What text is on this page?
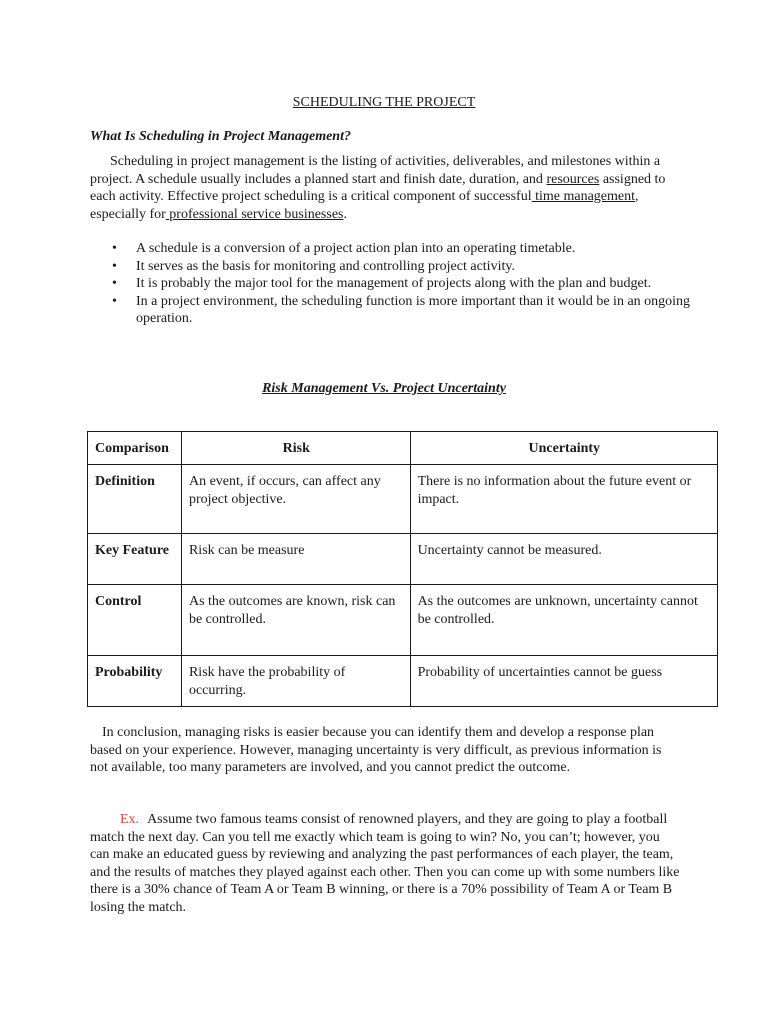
SCHEDULING THE PROJECT
What Is Scheduling in Project Management?

Scheduling in project management is the listing of activities, deliverables, and milestones within a project. A schedule usually includes a planned start and finish date, duration, and resources assigned to each activity. Effective project scheduling is a critical component of successful time management, especially for professional service businesses.

• A schedule is a conversion of a project action plan into an operating timetable.
• It serves as the basis for monitoring and controlling project activity.
• It is probably the major tool for the management of projects along with the plan and budget.
• In a project environment, the scheduling function is more important than it would be in an ongoing operation.
Risk Management Vs. Project Uncertainty
Comparison	Risk	Uncertainty
Definition	An event, if occurs, can affect any project objective.	There is no information about the future event or impact.
Key Feature	Risk can be measure	Uncertainty cannot be measured.
Control	As the outcomes are known, risk can be controlled.	As the outcomes are unknown, uncertainty cannot be controlled.
Probability	Risk have the probability of occurring.	Probability of uncertainties cannot be guess

In conclusion, managing risks is easier because you can identify them and develop a response plan based on your experience. However, managing uncertainty is very difficult, as previous information is not available, too many parameters are involved, and you cannot predict the outcome.

Ex. Assume two famous teams consist of renowned players, and they are going to play a football match the next day. Can you tell me exactly which team is going to win? No, you can’t; however, you can make an educated guess by reviewing and analyzing the past performances of each player, the team, and the results of matches they played against each other. Then you can come up with some numbers like there is a 30% chance of Team A or Team B winning, or there is a 70% possibility of Team A or Team B losing the match.
